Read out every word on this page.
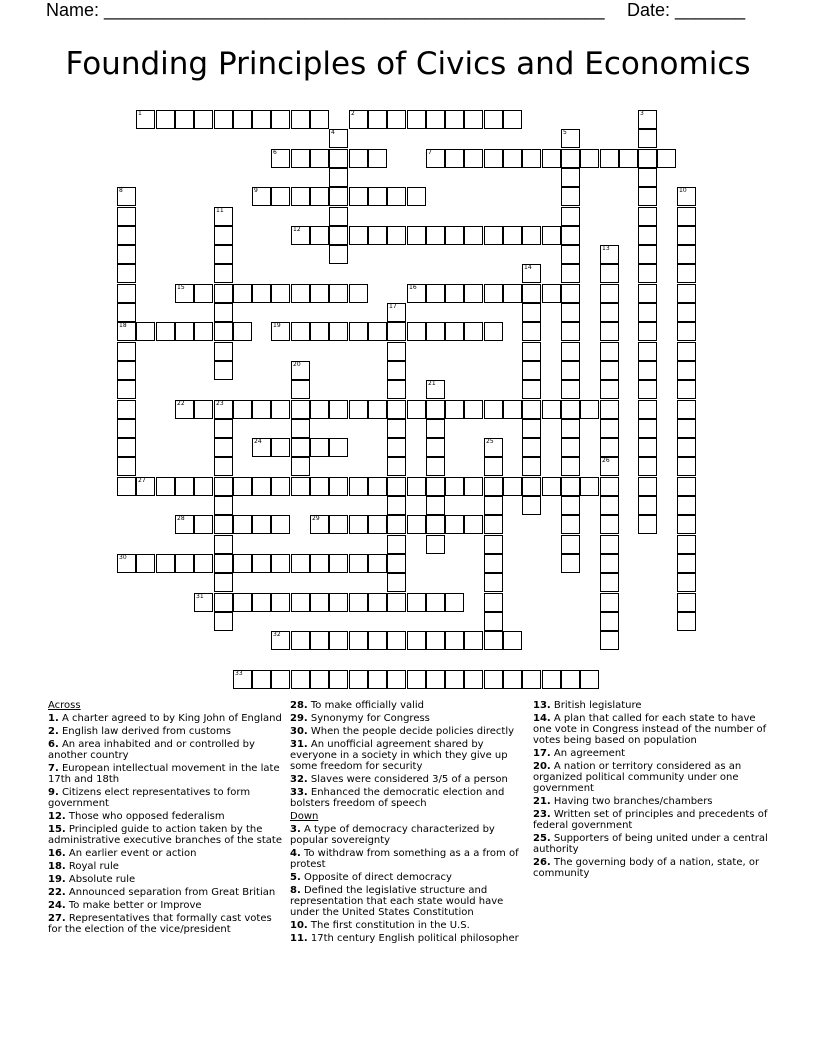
Name: __________________________________________________ Date: _______
Founding Principles of Civics and Economics
1	2
6	7
9
12
15	16
18	19
22	23
24
27
28	29
30
31
32
33
3
4	5
8	10
11
13
14
17
20
21
25
26
Across
1. A charter agreed to by King John of England
2. English law derived from customs
6. An area inhabited and or controlled by another country
7. European intellectual movement in the late 17th and 18th
9. Citizens elect representatives to form government
12. Those who opposed federalism
15. Principled guide to action taken by the administrative executive branches of the state
16. An earlier event or action
18. Royal rule
19. Absolute rule
22. Announced separation from Great Britian
24. To make better or Improve
27. Representatives that formally cast votes for the election of the vice/president
28. To make officially valid
29. Synonymy for Congress
30. When the people decide policies directly
31. An unofficial agreement shared by everyone in a society in which they give up some freedom for security
32. Slaves were considered 3/5 of a person
33. Enhanced the democratic election and bolsters freedom of speech
Down
3. A type of democracy characterized by popular sovereignty
4. To withdraw from something as a a from of protest
5. Opposite of direct democracy
8. Defined the legislative structure and representation that each state would have under the United States Constitution
10. The first constitution in the U.S.
11. 17th century English political philosopher
13. British legislature
14. A plan that called for each state to have one vote in Congress instead of the number of votes being based on population
17. An agreement
20. A nation or territory considered as an organized political community under one government
21. Having two branches/chambers
23. Written set of principles and precedents of federal government
25. Supporters of being united under a central authority
26. The governing body of a nation, state, or community
